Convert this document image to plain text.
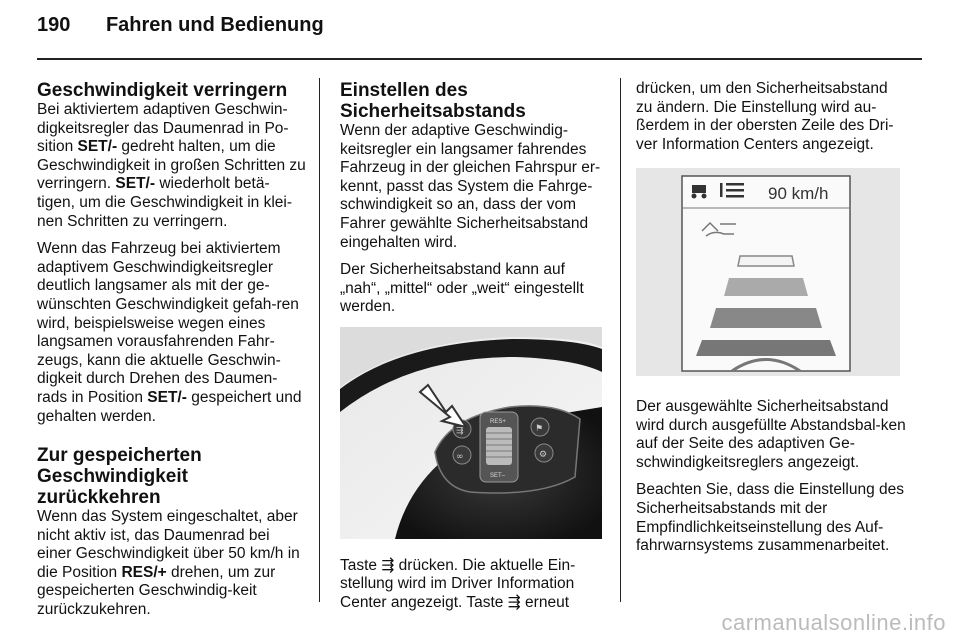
190 Fahren und Bedienung
Geschwindigkeit verringern

Bei aktiviertem adaptiven Geschwin-digkeitsregler das Daumenrad in Po-sition SET/- gedreht halten, um die Geschwindigkeit in großen Schritten zu verringern. SET/- wiederholt betä-tigen, um die Geschwindigkeit in klei-nen Schritten zu verringern.

Wenn das Fahrzeug bei aktiviertem adaptivem Geschwindigkeitsregler deutlich langsamer als mit der ge-wünschten Geschwindigkeit gefah-ren wird, beispielsweise wegen eines langsamen vorausfahrenden Fahr-zeugs, kann die aktuelle Geschwin-digkeit durch Drehen des Daumen-rads in Position SET/- gespeichert und gehalten werden.

Zur gespeicherten Geschwindigkeit zurückkehren

Wenn das System eingeschaltet, aber nicht aktiv ist, das Daumenrad bei einer Geschwindigkeit über 50 km/h in die Position RES/+ drehen, um zur gespeicherten Geschwindig-keit zurückzukehren.

Einstellen des Sicherheitsabstands

Wenn der adaptive Geschwindig-keitsregler ein langsamer fahrendes Fahrzeug in der gleichen Fahrspur er-kennt, passt das System die Fahrge-schwindigkeit so an, dass der vom Fahrer gewählte Sicherheitsabstand eingehalten wird.

Der Sicherheitsabstand kann auf „nah“, „mittel“ oder „weit“ eingestellt werden.

RES+
SET–
⇶
∞
⚑
⚙

Taste ⇶ drücken. Die aktuelle Ein-stellung wird im Driver Information Center angezeigt. Taste ⇶ erneut

drücken, um den Sicherheitsabstand zu ändern. Die Einstellung wird au-ßerdem in der obersten Zeile des Dri-ver Information Centers angezeigt.

90 km/h

Der ausgewählte Sicherheitsabstand wird durch ausgefüllte Abstandsbal-ken auf der Seite des adaptiven Ge-schwindigkeitsreglers angezeigt.

Beachten Sie, dass die Einstellung des Sicherheitsabstands mit der Empfindlichkeitseinstellung des Auf-fahrwarnsystems zusammenarbeitet.

carmanualsonline.info
